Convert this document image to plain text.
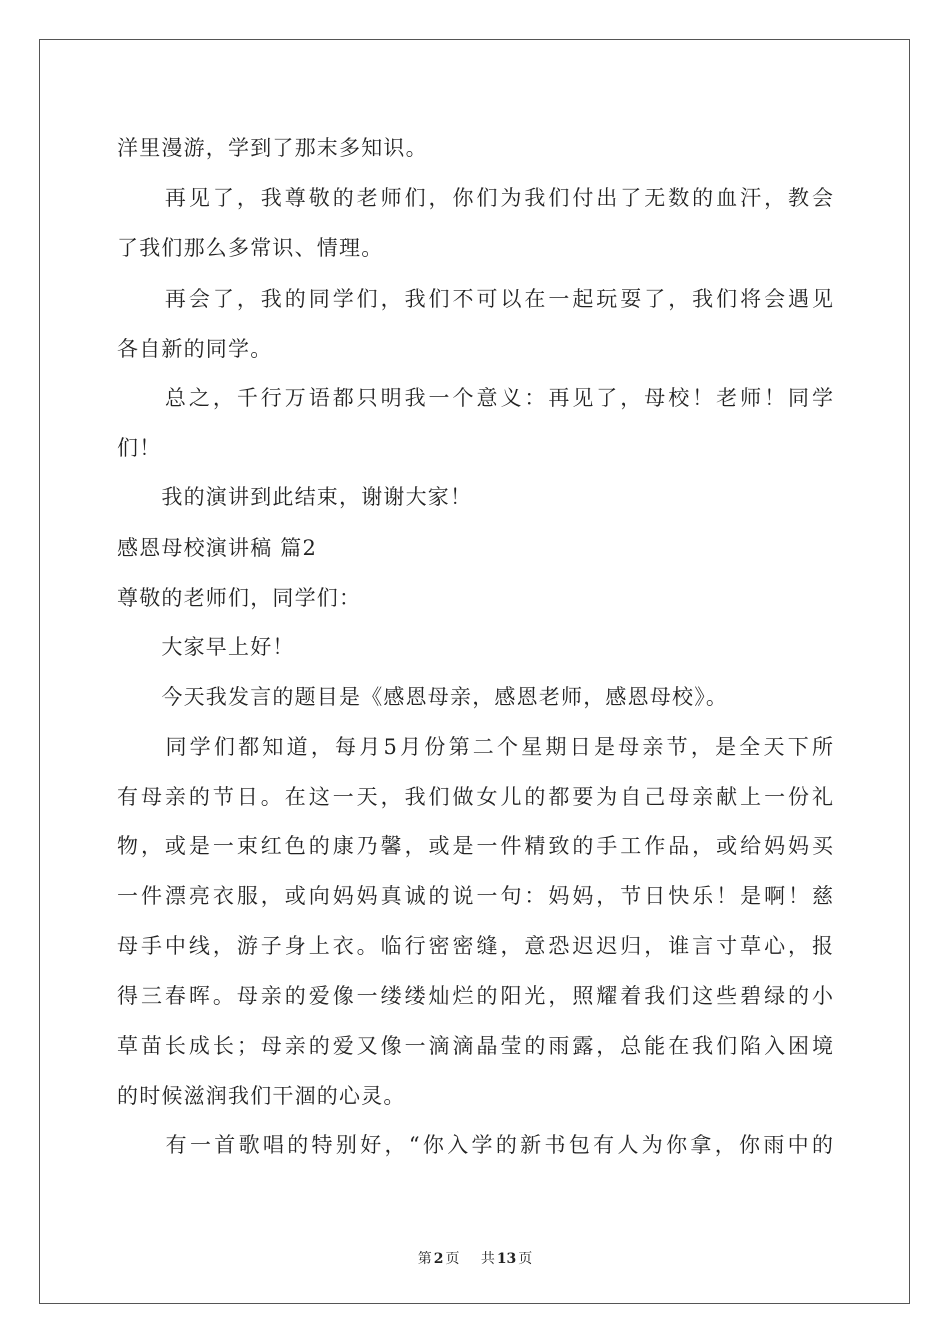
洋里漫游，学到了那末多知识。

　　再见了，我尊敬的老师们，你们为我们付出了无数的血汗，教会

了我们那么多常识、情理。

　　再会了，我的同学们，我们不可以在一起玩耍了，我们将会遇见

各自新的同学。

　　总之，千行万语都只明我一个意义：再见了，母校！老师！同学

们！

　　我的演讲到此结束，谢谢大家！

感恩母校演讲稿 篇2

尊敬的老师们，同学们：

　　大家早上好！

　　今天我发言的题目是《感恩母亲，感恩老师，感恩母校》。

　　同学们都知道，每月5月份第二个星期日是母亲节，是全天下所

有母亲的节日。在这一天，我们做女儿的都要为自己母亲献上一份礼

物，或是一束红色的康乃馨，或是一件精致的手工作品，或给妈妈买

一件漂亮衣服，或向妈妈真诚的说一句：妈妈，节日快乐！是啊！慈

母手中线，游子身上衣。临行密密缝，意恐迟迟归，谁言寸草心，报

得三春晖。母亲的爱像一缕缕灿烂的阳光，照耀着我们这些碧绿的小

草苗长成长；母亲的爱又像一滴滴晶莹的雨露，总能在我们陷入困境

的时候滋润我们干涸的心灵。

　　有一首歌唱的特别好，“你入学的新书包有人为你拿，你雨中的

第 2 页 共 13 页
